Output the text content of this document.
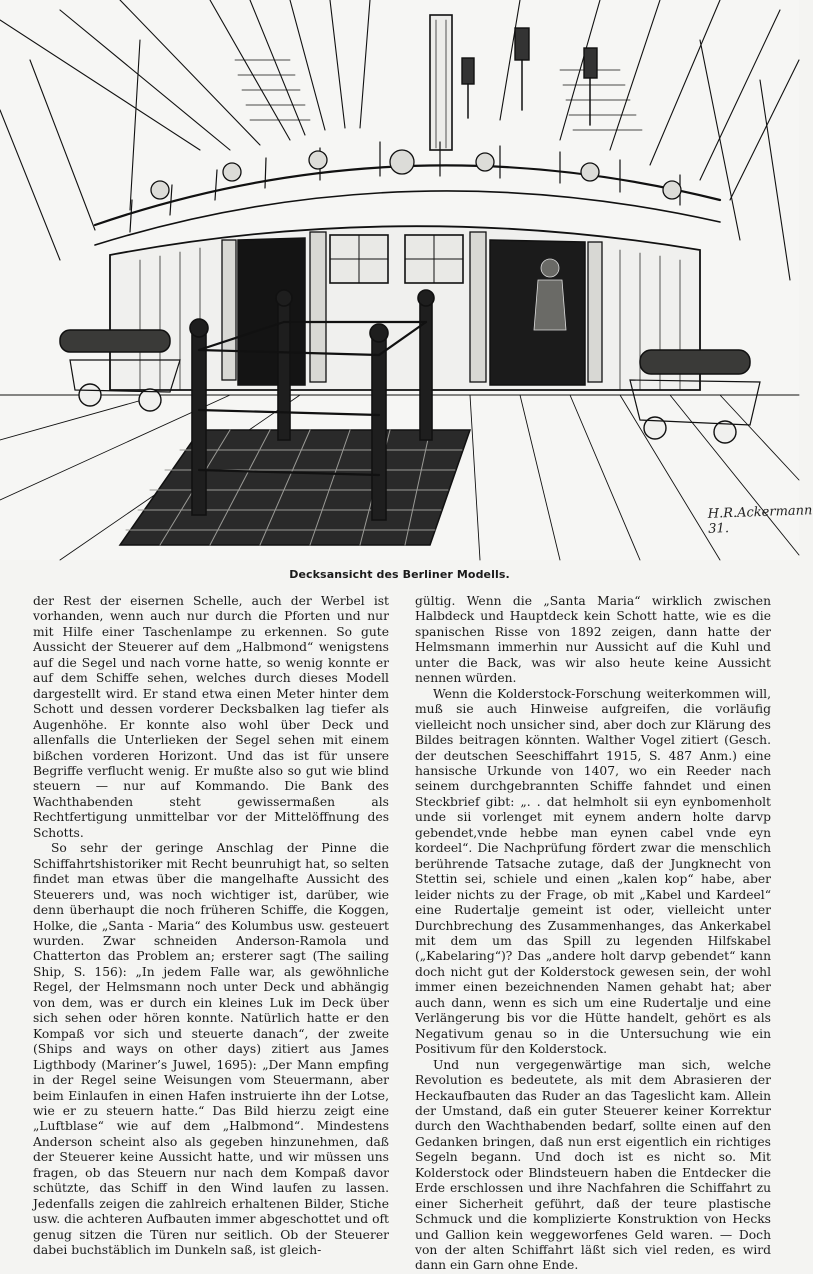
H.R.Ackermann 31.
Decksansicht des Berliner Modells.

der Rest der eisernen Schelle, auch der Werbel ist vorhanden, wenn auch nur durch die Pforten und nur mit Hilfe einer Taschenlampe zu erkennen. So gute Aussicht der Steuerer auf dem „Halbmond“ wenigstens auf die Segel und nach vorne hatte, so wenig konnte er auf dem Schiffe sehen, welches durch dieses Modell dargestellt wird. Er stand etwa einen Meter hinter dem Schott und dessen vorderer Decksbalken lag tiefer als Augenhöhe. Er konnte also wohl über Deck und allenfalls die Unterlieken der Segel sehen mit einem bißchen vorderen Horizont. Und das ist für unsere Begriffe verflucht wenig. Er mußte also so gut wie blind steuern — nur auf Kommando. Die Bank des Wachthabenden steht gewissermaßen als Rechtfertigung unmittelbar vor der Mittelöffnung des Schotts.

So sehr der geringe Anschlag der Pinne die Schiffahrtshistoriker mit Recht beunruhigt hat, so selten findet man etwas über die mangelhafte Aussicht des Steuerers und, was noch wichtiger ist, darüber, wie denn überhaupt die noch früheren Schiffe, die Koggen, Holke, die „Santa - Maria“ des Kolumbus usw. gesteuert wurden. Zwar schneiden Anderson-Ramola und Chatterton das Problem an; ersterer sagt (The sailing Ship, S. 156): „In jedem Falle war, als gewöhnliche Regel, der Helmsmann noch unter Deck und abhängig von dem, was er durch ein kleines Luk im Deck über sich sehen oder hören konnte. Natürlich hatte er den Kompaß vor sich und steuerte danach“, der zweite (Ships and ways on other days) zitiert aus James Ligthbody (Mariner’s Juwel, 1695): „Der Mann empfing in der Regel seine Weisungen vom Steuermann, aber beim Einlaufen in einen Hafen instruierte ihn der Lotse, wie er zu steuern hatte.“ Das Bild hierzu zeigt eine „Luftblase“ wie auf dem „Halbmond“. Mindestens Anderson scheint also als gegeben hinzunehmen, daß der Steuerer keine Aussicht hatte, und wir müssen uns fragen, ob das Steuern nur nach dem Kompaß davor schützte, das Schiff in den Wind laufen zu lassen. Jedenfalls zeigen die zahlreich erhaltenen Bilder, Stiche usw. die achteren Aufbauten immer abgeschottet und oft genug sitzen die Türen nur seitlich. Ob der Steuerer dabei buchstäblich im Dunkeln saß, ist gleich-

gültig. Wenn die „Santa Maria“ wirklich zwischen Halbdeck und Hauptdeck kein Schott hatte, wie es die spanischen Risse von 1892 zeigen, dann hatte der Helmsmann immerhin nur Aussicht auf die Kuhl und unter die Back, was wir also heute keine Aussicht nennen würden.

Wenn die Kolderstock-Forschung weiterkommen will, muß sie auch Hinweise aufgreifen, die vorläufig vielleicht noch unsicher sind, aber doch zur Klärung des Bildes beitragen könnten. Walther Vogel zitiert (Gesch. der deutschen Seeschiffahrt 1915, S. 487 Anm.) eine hansische Urkunde von 1407, wo ein Reeder nach seinem durchgebrannten Schiffe fahndet und einen Steckbrief gibt: „. . dat helmholt sii eyn eynbomenholt unde sii vorlenget mit eynem andern holte darvp gebendet,vnde hebbe man eynen cabel vnde eyn kordeel“. Die Nachprüfung fördert zwar die menschlich berührende Tatsache zutage, daß der Jungknecht von Stettin sei, schiele und einen „kalen kop“ habe, aber leider nichts zu der Frage, ob mit „Kabel und Kardeel“ eine Rudertalje gemeint ist oder, vielleicht unter Durchbrechung des Zusammenhanges, das Ankerkabel mit dem um das Spill zu legenden Hilfskabel („Kabelaring“)? Das „andere holt darvp gebendet“ kann doch nicht gut der Kolderstock gewesen sein, der wohl immer einen bezeichnenden Namen gehabt hat; aber auch dann, wenn es sich um eine Rudertalje und eine Verlängerung bis vor die Hütte handelt, gehört es als Negativum genau so in die Untersuchung wie ein Positivum für den Kolderstock.

Und nun vergegenwärtige man sich, welche Revolution es bedeutete, als mit dem Abrasieren der Heckaufbauten das Ruder an das Tageslicht kam. Allein der Umstand, daß ein guter Steuerer keiner Korrektur durch den Wachthabenden bedarf, sollte einen auf den Gedanken bringen, daß nun erst eigentlich ein richtiges Segeln begann. Und doch ist es nicht so. Mit Kolderstock oder Blindsteuern haben die Entdecker die Erde erschlossen und ihre Nachfahren die Schiffahrt zu einer Sicherheit geführt, daß der teure plastische Schmuck und die komplizierte Konstruktion von Hecks und Gallion kein weggeworfenes Geld waren. — Doch von der alten Schiffahrt läßt sich viel reden, es wird dann ein Garn ohne Ende.
